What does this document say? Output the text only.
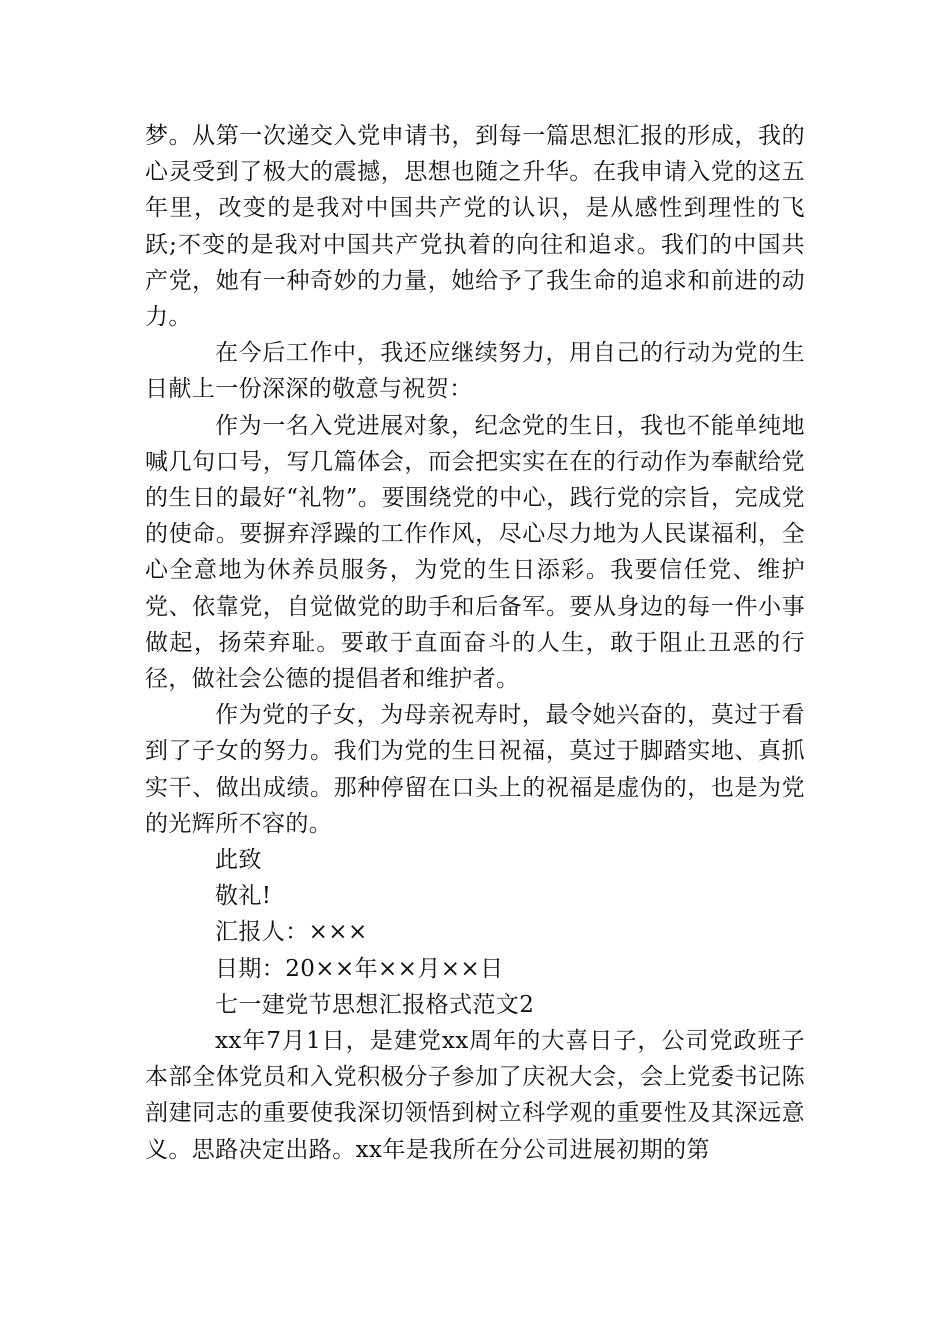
梦。从第一次递交入党申请书，到每一篇思想汇报的形成，我的心灵受到了极大的震撼，思想也随之升华。在我申请入党的这五年里，改变的是我对中国共产党的认识，是从感性到理性的飞跃;不变的是我对中国共产党执着的向往和追求。我们的中国共产党，她有一种奇妙的力量，她给予了我生命的追求和前进的动力。

在今后工作中，我还应继续努力，用自己的行动为党的生日献上一份深深的敬意与祝贺：

作为一名入党进展对象，纪念党的生日，我也不能单纯地喊几句口号，写几篇体会，而会把实实在在的行动作为奉献给党的生日的最好“礼物”。要围绕党的中心，践行党的宗旨，完成党的使命。要摒弃浮躁的工作作风，尽心尽力地为人民谋福利，全心全意地为休养员服务，为党的生日添彩。我要信任党、维护党、依靠党，自觉做党的助手和后备军。要从身边的每一件小事做起，扬荣弃耻。要敢于直面奋斗的人生，敢于阻止丑恶的行径，做社会公德的提倡者和维护者。

作为党的子女，为母亲祝寿时，最令她兴奋的，莫过于看到了子女的努力。我们为党的生日祝福，莫过于脚踏实地、真抓实干、做出成绩。那种停留在口头上的祝福是虚伪的，也是为党的光辉所不容的。

此致

敬礼!

汇报人：×××

日期：20××年××月××日

七一建党节思想汇报格式范文2

xx年7月1日，是建党xx周年的大喜日子，公司党政班子本部全体党员和入党积极分子参加了庆祝大会，会上党委书记陈剖建同志的重要使我深切领悟到树立科学观的重要性及其深远意义。思路决定出路。xx年是我所在分公司进展初期的第
